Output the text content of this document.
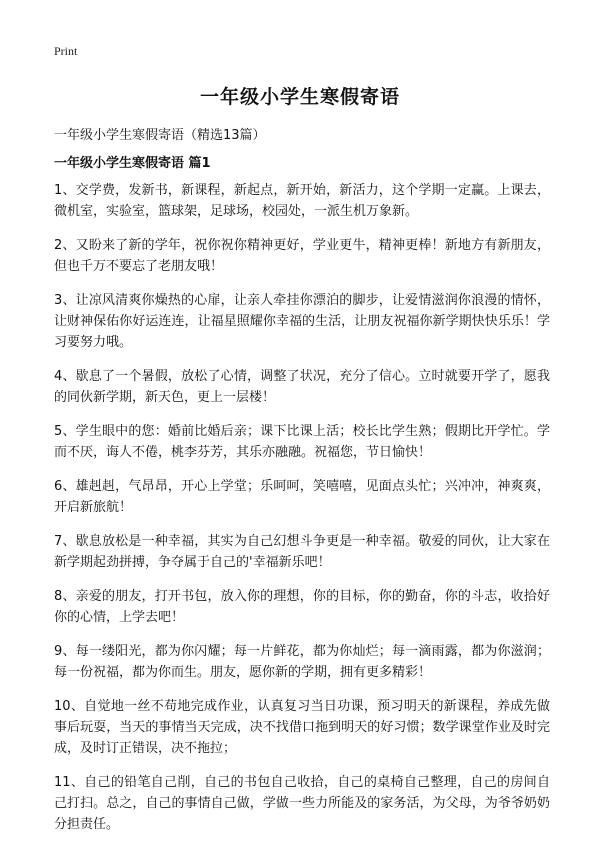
Print
一年级小学生寒假寄语
一年级小学生寒假寄语（精选13篇）
一年级小学生寒假寄语 篇1

1、交学费，发新书，新课程，新起点，新开始，新活力，这个学期一定赢。上课去，微机室，实验室，篮球架，足球场，校园处，一派生机万象新。

2、又盼来了新的学年，祝你祝你精神更好，学业更牛，精神更棒！新地方有新朋友，但也千万不要忘了老朋友哦！

3、让凉风清爽你燥热的心扉，让亲人牵挂你漂泊的脚步，让爱情滋润你浪漫的情怀，让财神保佑你好运连连，让福星照耀你幸福的生活，让朋友祝福你新学期快快乐乐！学习要努力哦。

4、歇息了一个暑假，放松了心情，调整了状况，充分了信心。立时就要开学了，愿我的同伙新学期，新天色，更上一层楼！

5、学生眼中的您：婚前比婚后亲；课下比课上活；校长比学生熟；假期比开学忙。学而不厌，诲人不倦，桃李芬芳，其乐亦融融。祝福您，节日愉快！

6、雄赳赳，气昂昂，开心上学堂；乐呵呵，笑嘻嘻，见面点头忙；兴冲冲，神爽爽，开启新旅航！

7、歇息放松是一种幸福，其实为自己幻想斗争更是一种幸福。敬爱的同伙，让大家在新学期起劲拼搏，争夺属于自己的'幸福新乐吧！

8、亲爱的朋友，打开书包，放入你的理想，你的目标，你的勤奋，你的斗志，收拾好你的心情，上学去吧！

9、每一缕阳光，都为你闪耀；每一片鲜花，都为你灿烂；每一滴雨露，都为你滋润；每一份祝福，都为你而生。朋友，愿你新的学期，拥有更多精彩！

10、自觉地一丝不苟地完成作业，认真复习当日功课，预习明天的新课程，养成先做事后玩耍，当天的事情当天完成，决不找借口拖到明天的好习惯；数学课堂作业及时完成，及时订正错误，决不拖拉；

11、自己的铅笔自己削，自己的书包自己收拾，自己的桌椅自己整理，自己的房间自己打扫。总之，自己的事情自己做，学做一些力所能及的家务活，为父母，为爷爷奶奶分担责任。
